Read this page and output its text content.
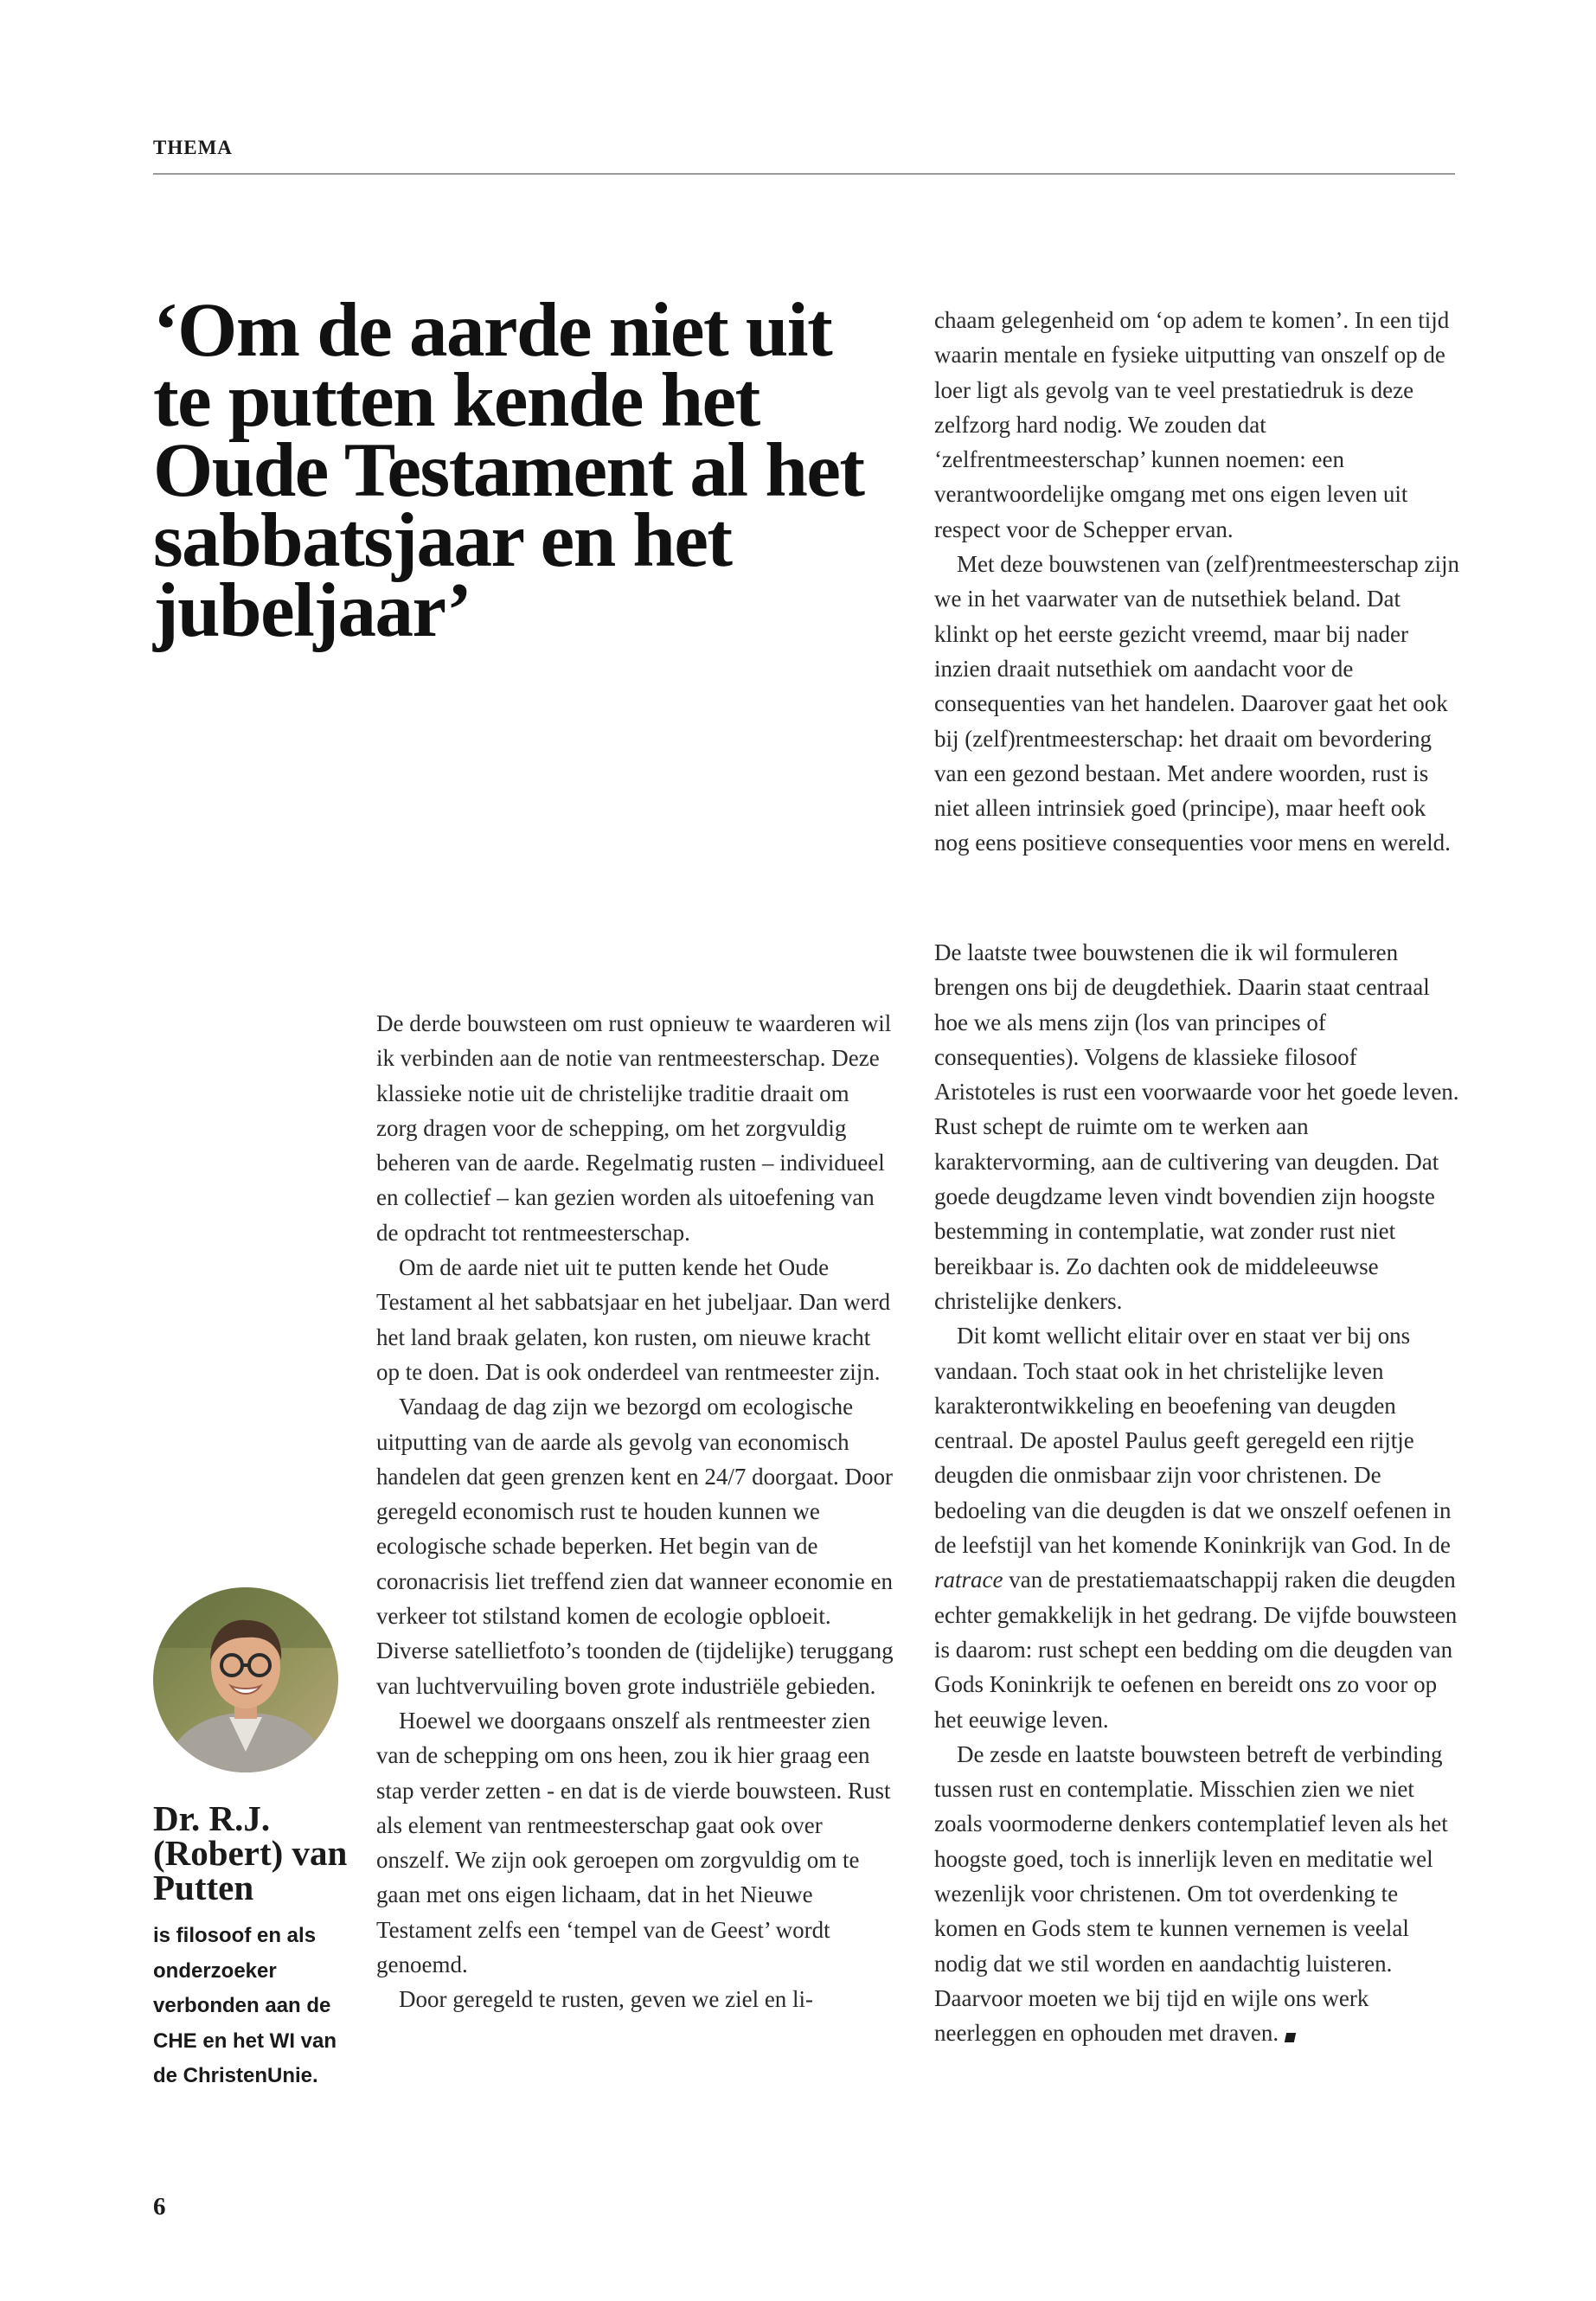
THEMA
‘Om de aarde niet uit te putten kende het Oude Testament al het sabbatsjaar en het jubeljaar’

chaam gelegenheid om ‘op adem te komen’. In een tijd waarin mentale en fysieke uitputting van onszelf op de loer ligt als gevolg van te veel prestatiedruk is deze zelfzorg hard nodig. We zouden dat ‘zelfrentmeesterschap’ kunnen noemen: een verantwoordelijke omgang met ons eigen leven uit respect voor de Schepper ervan.

Met deze bouwstenen van (zelf)rentmeesterschap zijn we in het vaarwater van de nutsethiek beland. Dat klinkt op het eerste gezicht vreemd, maar bij nader inzien draait nutsethiek om aandacht voor de consequenties van het handelen. Daarover gaat het ook bij (zelf)rentmeesterschap: het draait om bevordering van een gezond bestaan. Met andere woorden, rust is niet alleen intrinsiek goed (principe), maar heeft ook nog eens positieve consequenties voor mens en wereld.

De derde bouwsteen om rust opnieuw te waarderen wil ik verbinden aan de notie van rentmeesterschap. Deze klassieke notie uit de christelijke traditie draait om zorg dragen voor de schepping, om het zorgvuldig beheren van de aarde. Regelmatig rusten – individueel en collectief – kan gezien worden als uitoefening van de opdracht tot rentmeesterschap.

Om de aarde niet uit te putten kende het Oude Testament al het sabbatsjaar en het jubeljaar. Dan werd het land braak gelaten, kon rusten, om nieuwe kracht op te doen. Dat is ook onderdeel van rentmeester zijn.

Vandaag de dag zijn we bezorgd om ecologische uitputting van de aarde als gevolg van economisch handelen dat geen grenzen kent en 24/7 doorgaat. Door geregeld economisch rust te houden kunnen we ecologische schade beperken. Het begin van de coronacrisis liet treffend zien dat wanneer economie en verkeer tot stilstand komen de ecologie opbloeit. Diverse satellietfoto’s toonden de (tijdelijke) teruggang van luchtvervuiling boven grote industriële gebieden.

Hoewel we doorgaans onszelf als rentmeester zien van de schepping om ons heen, zou ik hier graag een stap verder zetten - en dat is de vierde bouwsteen. Rust als element van rentmeesterschap gaat ook over onszelf. We zijn ook geroepen om zorgvuldig om te gaan met ons eigen lichaam, dat in het Nieuwe Testament zelfs een ‘tempel van de Geest’ wordt genoemd.

Door geregeld te rusten, geven we ziel en li-

De laatste twee bouwstenen die ik wil formuleren brengen ons bij de deugdethiek. Daarin staat centraal hoe we als mens zijn (los van principes of consequenties). Volgens de klassieke filosoof Aristoteles is rust een voorwaarde voor het goede leven. Rust schept de ruimte om te werken aan karaktervorming, aan de cultivering van deugden. Dat goede deugdzame leven vindt bovendien zijn hoogste bestemming in contemplatie, wat zonder rust niet bereikbaar is. Zo dachten ook de middeleeuwse christelijke denkers.

Dit komt wellicht elitair over en staat ver bij ons vandaan. Toch staat ook in het christelijke leven karakterontwikkeling en beoefening van deugden centraal. De apostel Paulus geeft geregeld een rijtje deugden die onmisbaar zijn voor christenen. De bedoeling van die deugden is dat we onszelf oefenen in de leefstijl van het komende Koninkrijk van God. In de ratrace van de prestatiemaatschappij raken die deugden echter gemakkelijk in het gedrang. De vijfde bouwsteen is daarom: rust schept een bedding om die deugden van Gods Koninkrijk te oefenen en bereidt ons zo voor op het eeuwige leven.

De zesde en laatste bouwsteen betreft de verbinding tussen rust en contemplatie. Misschien zien we niet zoals voormoderne denkers contemplatief leven als het hoogste goed, toch is innerlijk leven en meditatie wel wezenlijk voor christenen. Om tot overdenking te komen en Gods stem te kunnen vernemen is veelal nodig dat we stil worden en aandachtig luisteren. Daarvoor moeten we bij tijd en wijle ons werk neerleggen en ophouden met draven.

Dr. R.J. (Robert) van Putten
is filosoof en als onderzoeker verbonden aan de CHE en het WI van de ChristenUnie.
6
